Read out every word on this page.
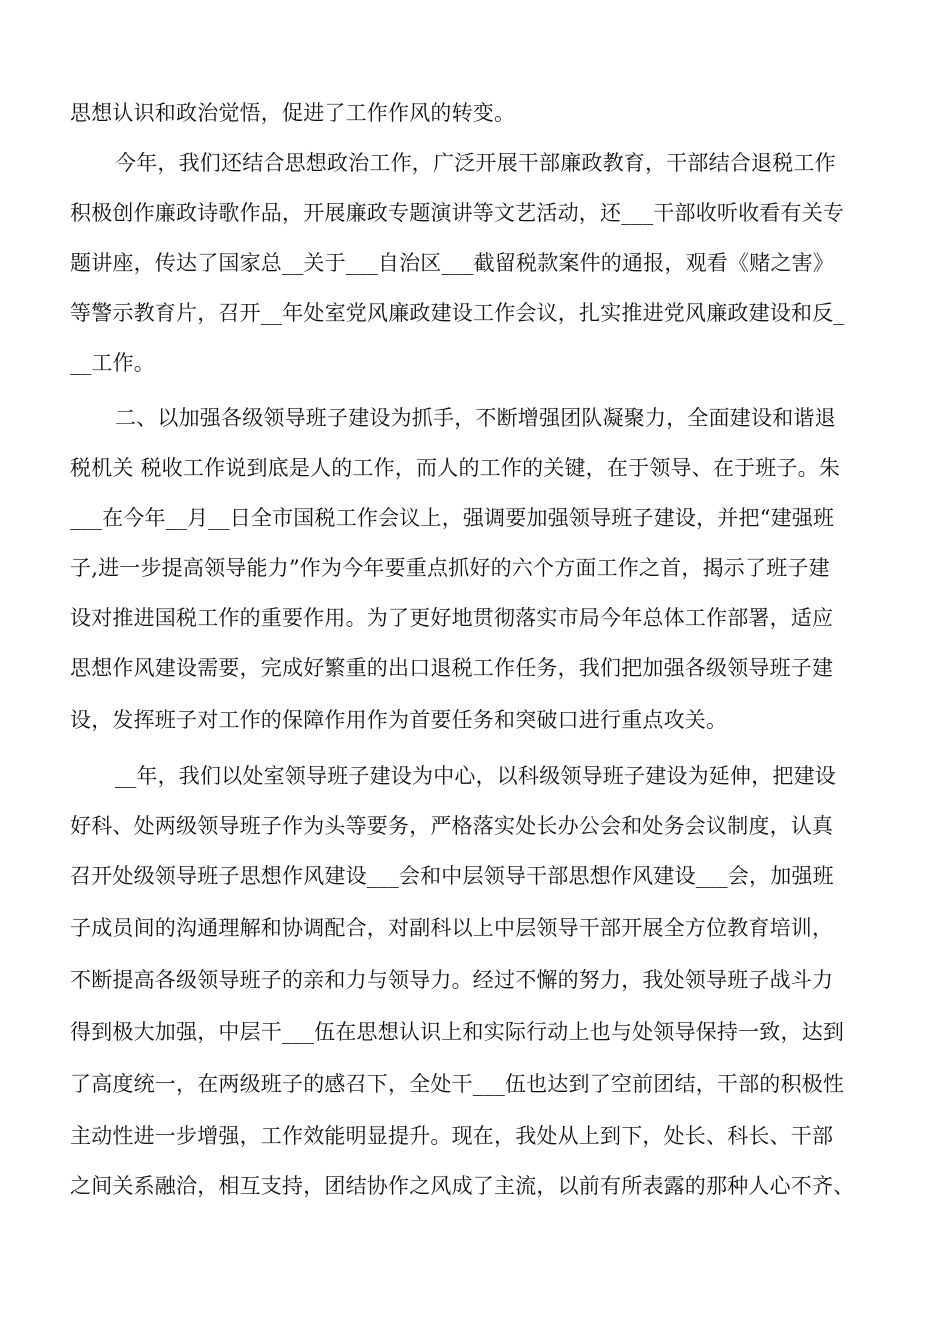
思想认识和政治觉悟，促进了工作作风的转变。
今年，我们还结合思想政治工作，广泛开展干部廉政教育，干部结合退税工作
积极创作廉政诗歌作品，开展廉政专题演讲等文艺活动，还___干部收听收看有关专
题讲座，传达了国家总__关于___自治区___截留税款案件的通报，观看《赌之害》
等警示教育片，召开__年处室党风廉政建设工作会议，扎实推进党风廉政建设和反_
__工作。
二、以加强各级领导班子建设为抓手，不断增强团队凝聚力，全面建设和谐退
税机关 税收工作说到底是人的工作，而人的工作的关键，在于领导、在于班子。朱
___在今年__月__日全市国税工作会议上，强调要加强领导班子建设，并把“建强班
子,进一步提高领导能力”作为今年要重点抓好的六个方面工作之首，揭示了班子建
设对推进国税工作的重要作用。为了更好地贯彻落实市局今年总体工作部署，适应
思想作风建设需要，完成好繁重的出口退税工作任务，我们把加强各级领导班子建
设，发挥班子对工作的保障作用作为首要任务和突破口进行重点攻关。
__年，我们以处室领导班子建设为中心，以科级领导班子建设为延伸，把建设
好科、处两级领导班子作为头等要务，严格落实处长办公会和处务会议制度，认真
召开处级领导班子思想作风建设___会和中层领导干部思想作风建设___会，加强班
子成员间的沟通理解和协调配合，对副科以上中层领导干部开展全方位教育培训，
不断提高各级领导班子的亲和力与领导力。经过不懈的努力，我处领导班子战斗力
得到极大加强，中层干___伍在思想认识上和实际行动上也与处领导保持一致，达到
了高度统一，在两级班子的感召下，全处干___伍也达到了空前团结，干部的积极性
主动性进一步增强，工作效能明显提升。现在，我处从上到下，处长、科长、干部
之间关系融洽，相互支持，团结协作之风成了主流，以前有所表露的那种人心不齐、
